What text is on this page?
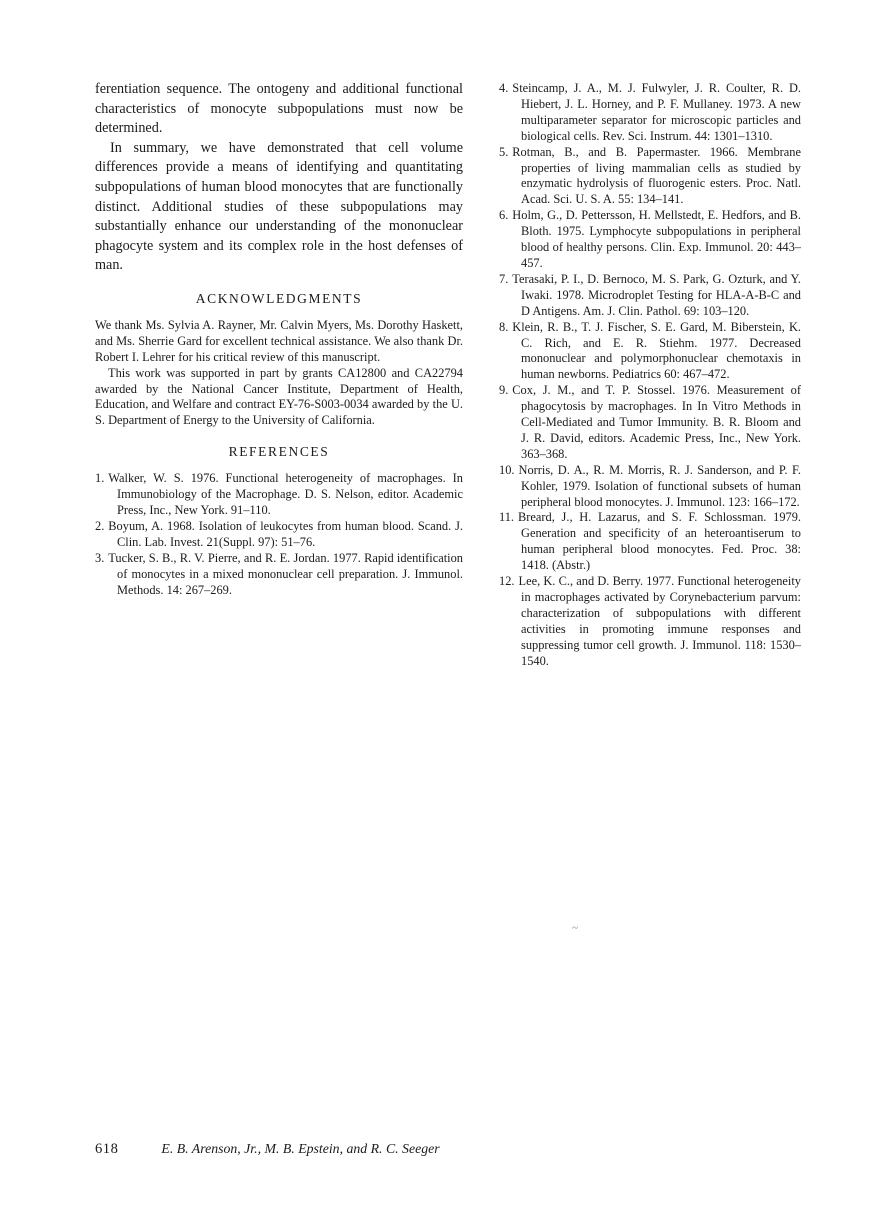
ferentiation sequence. The ontogeny and additional functional characteristics of monocyte subpopulations must now be determined.

In summary, we have demonstrated that cell volume differences provide a means of identifying and quantitating subpopulations of human blood monocytes that are functionally distinct. Additional studies of these subpopulations may substantially enhance our understanding of the mononuclear phagocyte system and its complex role in the host defenses of man.

ACKNOWLEDGMENTS

We thank Ms. Sylvia A. Rayner, Mr. Calvin Myers, Ms. Dorothy Haskett, and Ms. Sherrie Gard for excellent technical assistance. We also thank Dr. Robert I. Lehrer for his critical review of this manuscript.

This work was supported in part by grants CA12800 and CA22794 awarded by the National Cancer Institute, Department of Health, Education, and Welfare and contract EY-76-S003-0034 awarded by the U. S. Department of Energy to the University of California.

REFERENCES
1. Walker, W. S. 1976. Functional heterogeneity of macrophages. In Immunobiology of the Macrophage. D. S. Nelson, editor. Academic Press, Inc., New York. 91–110.
2. Boyum, A. 1968. Isolation of leukocytes from human blood. Scand. J. Clin. Lab. Invest. 21(Suppl. 97): 51–76.
3. Tucker, S. B., R. V. Pierre, and R. E. Jordan. 1977. Rapid identification of monocytes in a mixed mononuclear cell preparation. J. Immunol. Methods. 14: 267–269.
4. Steincamp, J. A., M. J. Fulwyler, J. R. Coulter, R. D. Hiebert, J. L. Horney, and P. F. Mullaney. 1973. A new multiparameter separator for microscopic particles and biological cells. Rev. Sci. Instrum. 44: 1301–1310.
5. Rotman, B., and B. Papermaster. 1966. Membrane properties of living mammalian cells as studied by enzymatic hydrolysis of fluorogenic esters. Proc. Natl. Acad. Sci. U. S. A. 55: 134–141.
6. Holm, G., D. Pettersson, H. Mellstedt, E. Hedfors, and B. Bloth. 1975. Lymphocyte subpopulations in peripheral blood of healthy persons. Clin. Exp. Immunol. 20: 443–457.
7. Terasaki, P. I., D. Bernoco, M. S. Park, G. Ozturk, and Y. Iwaki. 1978. Microdroplet Testing for HLA-A-B-C and D Antigens. Am. J. Clin. Pathol. 69: 103–120.
8. Klein, R. B., T. J. Fischer, S. E. Gard, M. Biberstein, K. C. Rich, and E. R. Stiehm. 1977. Decreased mononuclear and polymorphonuclear chemotaxis in human newborns. Pediatrics 60: 467–472.
9. Cox, J. M., and T. P. Stossel. 1976. Measurement of phagocytosis by macrophages. In In Vitro Methods in Cell-Mediated and Tumor Immunity. B. R. Bloom and J. R. David, editors. Academic Press, Inc., New York. 363–368.
10. Norris, D. A., R. M. Morris, R. J. Sanderson, and P. F. Kohler, 1979. Isolation of functional subsets of human peripheral blood monocytes. J. Immunol. 123: 166–172.
11. Breard, J., H. Lazarus, and S. F. Schlossman. 1979. Generation and specificity of an heteroantiserum to human peripheral blood monocytes. Fed. Proc. 38: 1418. (Abstr.)
12. Lee, K. C., and D. Berry. 1977. Functional heterogeneity in macrophages activated by Corynebacterium parvum: characterization of subpopulations with different activities in promoting immune responses and suppressing tumor cell growth. J. Immunol. 118: 1530–1540.
~
618	E. B. Arenson, Jr., M. B. Epstein, and R. C. Seeger
